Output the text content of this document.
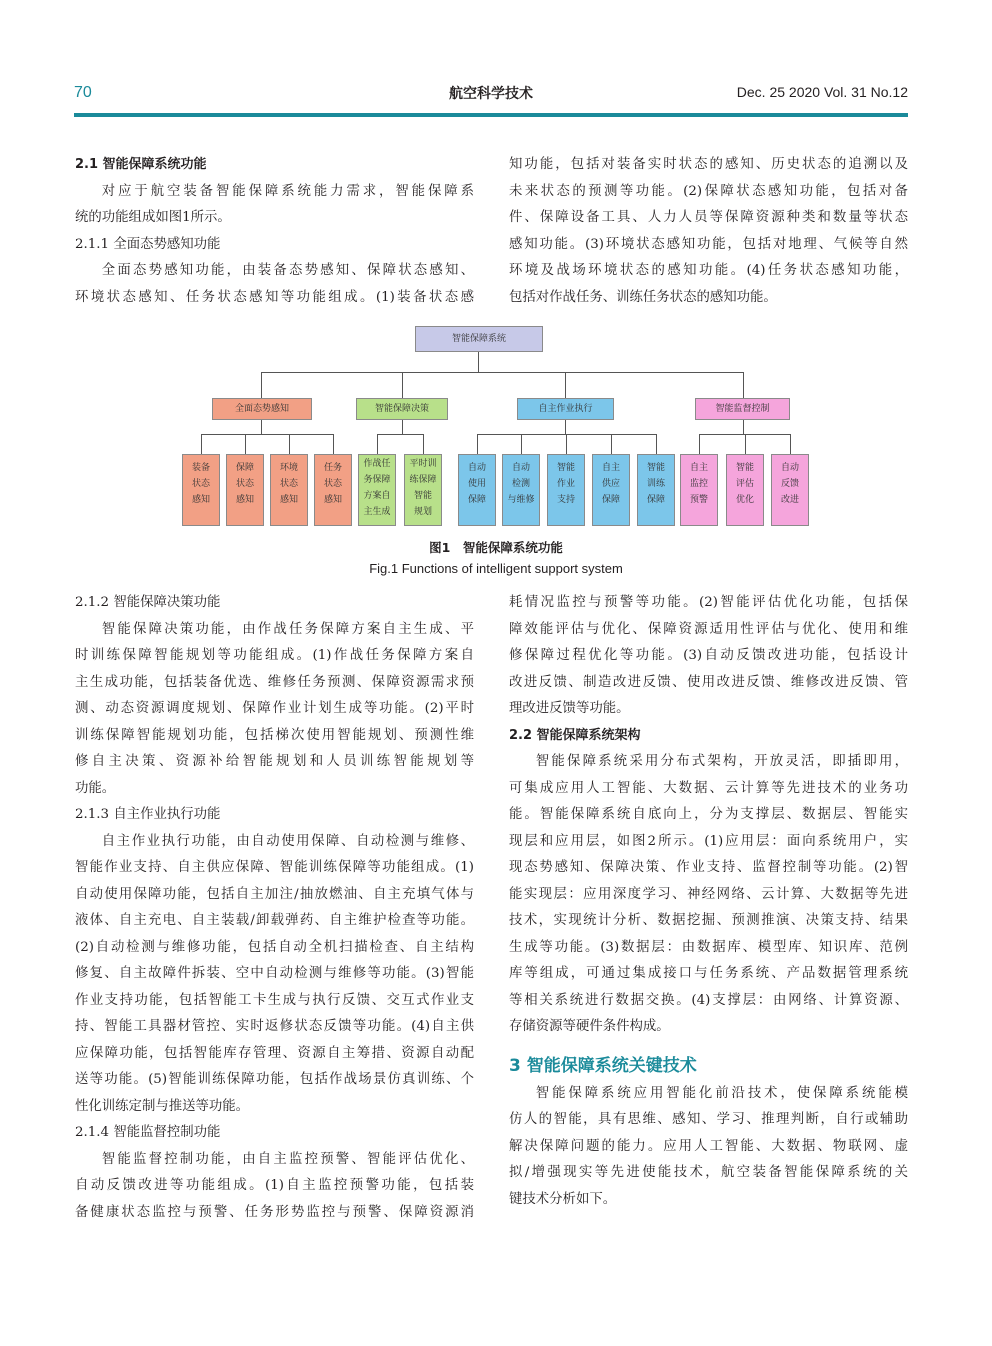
70	航空科学技术	Dec. 25 2020 Vol. 31 No.12

2.1 智能保障系统功能

对应于航空装备智能保障系统能力需求，智能保障系

统的功能组成如图1所示。

2.1.1 全面态势感知功能

全面态势感知功能，由装备态势感知、保障状态感知、

环境状态感知、任务状态感知等功能组成。(1)装备状态感

知功能，包括对装备实时状态的感知、历史状态的追溯以及

未来状态的预测等功能。(2)保障状态感知功能，包括对备

件、保障设备工具、人力人员等保障资源种类和数量等状态

感知功能。(3)环境状态感知功能，包括对地理、气候等自然

环境及战场环境状态的感知功能。(4)任务状态感知功能，

包括对作战任务、训练任务状态的感知功能。

智能保障系统
全面态势感知	智能保障决策	自主作业执行	智能监督控制
装备
状态
感知
保障
状态
感知
环境
状态
感知
任务
状态
感知
作战任
务保障
方案自
主生成
平时训
练保障
智能
规划
自动
使用
保障
自动
检测
与维修
智能
作业
支持
自主
供应
保障
智能
训练
保障
自主
监控
预警
智能
评估
优化
自动
反馈
改进
图1　智能保障系统功能
Fig.1 Functions of intelligent support system

2.1.2 智能保障决策功能

智能保障决策功能，由作战任务保障方案自主生成、平

时训练保障智能规划等功能组成。(1)作战任务保障方案自

主生成功能，包括装备优选、维修任务预测、保障资源需求预

测、动态资源调度规划、保障作业计划生成等功能。(2)平时

训练保障智能规划功能，包括梯次使用智能规划、预测性维

修自主决策、资源补给智能规划和人员训练智能规划等

功能。

2.1.3 自主作业执行功能

自主作业执行功能，由自动使用保障、自动检测与维修、

智能作业支持、自主供应保障、智能训练保障等功能组成。(1)

自动使用保障功能，包括自主加注/抽放燃油、自主充填气体与

液体、自主充电、自主装载/卸载弹药、自主维护检查等功能。

(2)自动检测与维修功能，包括自动全机扫描检查、自主结构

修复、自主故障件拆装、空中自动检测与维修等功能。(3)智能

作业支持功能，包括智能工卡生成与执行反馈、交互式作业支

持、智能工具器材管控、实时返修状态反馈等功能。(4)自主供

应保障功能，包括智能库存管理、资源自主筹措、资源自动配

送等功能。(5)智能训练保障功能，包括作战场景仿真训练、个

性化训练定制与推送等功能。

2.1.4 智能监督控制功能

智能监督控制功能，由自主监控预警、智能评估优化、

自动反馈改进等功能组成。(1)自主监控预警功能，包括装

备健康状态监控与预警、任务形势监控与预警、保障资源消

耗情况监控与预警等功能。(2)智能评估优化功能，包括保

障效能评估与优化、保障资源适用性评估与优化、使用和维

修保障过程优化等功能。(3)自动反馈改进功能，包括设计

改进反馈、制造改进反馈、使用改进反馈、维修改进反馈、管

理改进反馈等功能。

2.2 智能保障系统架构

智能保障系统采用分布式架构，开放灵活，即插即用，

可集成应用人工智能、大数据、云计算等先进技术的业务功

能。智能保障系统自底向上，分为支撑层、数据层、智能实

现层和应用层，如图2所示。(1)应用层：面向系统用户，实

现态势感知、保障决策、作业支持、监督控制等功能。(2)智

能实现层：应用深度学习、神经网络、云计算、大数据等先进

技术，实现统计分析、数据挖掘、预测推演、决策支持、结果

生成等功能。(3)数据层：由数据库、模型库、知识库、范例

库等组成，可通过集成接口与任务系统、产品数据管理系统

等相关系统进行数据交换。(4)支撑层：由网络、计算资源、

存储资源等硬件条件构成。

3 智能保障系统关键技术

智能保障系统应用智能化前沿技术，使保障系统能模

仿人的智能，具有思维、感知、学习、推理判断，自行或辅助

解决保障问题的能力。应用人工智能、大数据、物联网、虚

拟/增强现实等先进使能技术，航空装备智能保障系统的关

键技术分析如下。
